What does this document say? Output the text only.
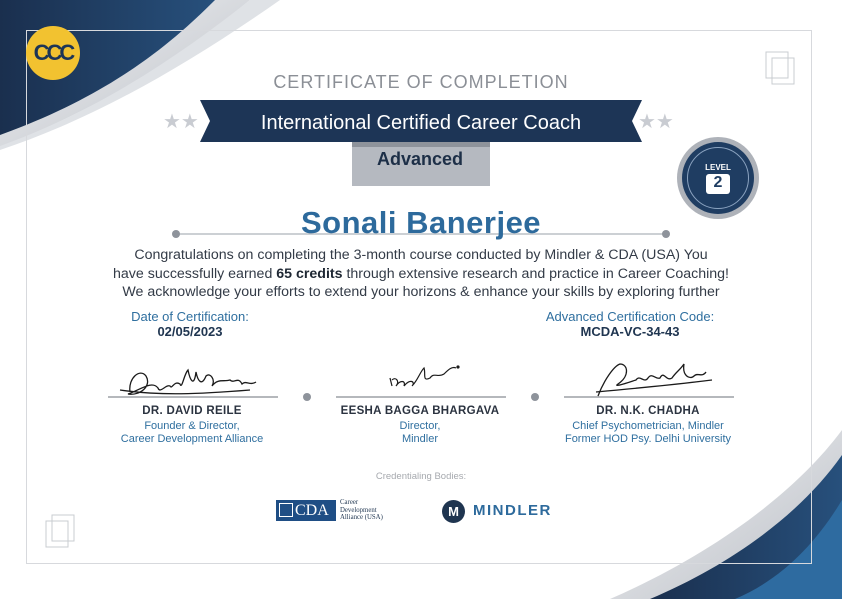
CCC
CERTIFICATE OF COMPLETION
★★	★★
International Certified Career Coach
Advanced	LEVEL
2
Sonali Banerjee
Congratulations on completing the 3-month course conducted by Mindler & CDA (USA) You
have successfully earned 65 credits through extensive research and practice in Career Coaching!
We acknowledge your efforts to extend your horizons & enhance your skills by exploring further
Date of Certification:
02/05/2023
Advanced Certification Code:
MCDA-VC-34-43
DR. DAVID REILE
Founder & Director,
Career Development Alliance
EESHA BAGGA BHARGAVA
Director,
Mindler
DR. N.K. CHADHA
Chief Psychometrician, Mindler
Former HOD Psy. Delhi University
Credentialing Bodies:
CDA Career
Development
Alliance (USA)	M MINDLER
